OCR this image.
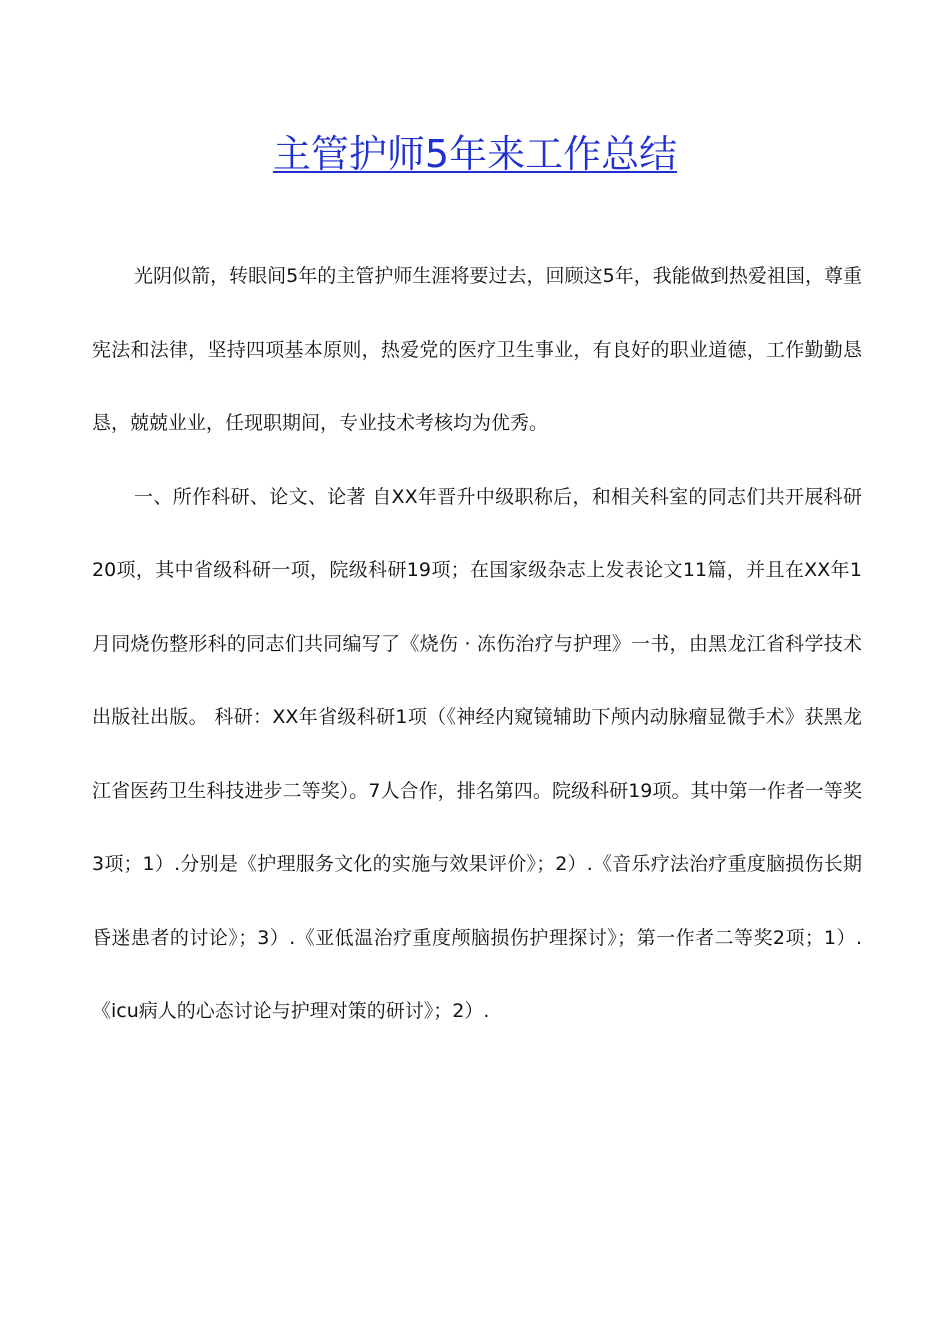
主管护师5年来工作总结

光阴似箭，转眼间5年的主管护师生涯将要过去，回顾这5年，我能做到热爱祖国，尊重宪法和法律，坚持四项基本原则，热爱党的医疗卫生事业，有良好的职业道德，工作勤勤恳恳，兢兢业业，任现职期间，专业技术考核均为优秀。

一、所作科研、论文、论著 自XX年晋升中级职称后，和相关科室的同志们共开展科研20项，其中省级科研一项，院级科研19项；在国家级杂志上发表论文11篇，并且在XX年1月同烧伤整形科的同志们共同编写了《烧伤 · 冻伤治疗与护理》一书，由黑龙江省科学技术出版社出版。 科研：XX年省级科研1项（《神经内窥镜辅助下颅内动脉瘤显微手术》获黑龙江省医药卫生科技进步二等奖）。7人合作，排名第四。院级科研19项。其中第一作者一等奖3项；1）.分别是《护理服务文化的实施与效果评价》；2）.《音乐疗法治疗重度脑损伤长期昏迷患者的讨论》；3）.《亚低温治疗重度颅脑损伤护理探讨》；第一作者二等奖2项；1）.《icu病人的心态讨论与护理对策的研讨》；2）.
